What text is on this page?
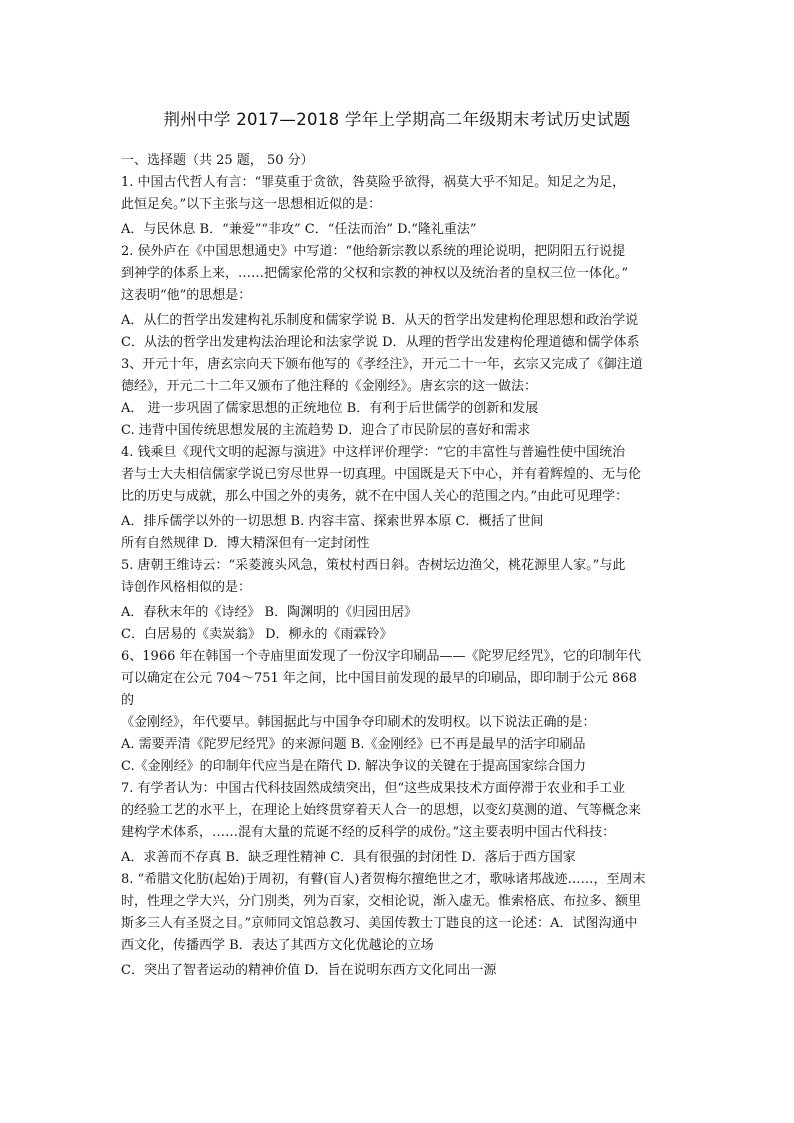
荆州中学 2017—2018 学年上学期高二年级期末考试历史试题
一、选择题（共 25 题， 50 分）
1. 中国古代哲人有言：“罪莫重于贪欲，咎莫险乎欲得，祸莫大乎不知足。知足之为足，
此恒足矣。”以下主张与这一思想相近似的是：
A．与民休息 B．“兼爱”“非攻” C．“任法而治” D.“隆礼重法”
2. 侯外庐在《中国思想通史》中写道：“他给新宗教以系统的理论说明，把阴阳五行说提
到神学的体系上来，……把儒家伦常的父权和宗教的神权以及统治者的皇权三位一体化。”
这表明“他”的思想是：
A．从仁的哲学出发建构礼乐制度和儒家学说 B．从天的哲学出发建构伦理思想和政治学说
C．从法的哲学出发建构法治理论和法家学说 D．从理的哲学出发建构伦理道德和儒学体系
3、开元十年，唐玄宗向天下颁布他写的《孝经注》，开元二十一年，玄宗又完成了《御注道
德经》，开元二十二年又颁布了他注释的《金刚经》。唐玄宗的这一做法：
A． 进一步巩固了儒家思想的正统地位 B．有利于后世儒学的创新和发展
C. 违背中国传统思想发展的主流趋势 D．迎合了市民阶层的喜好和需求
4. 钱乘旦《现代文明的起源与演进》中这样评价理学：“它的丰富性与普遍性使中国统治
者与士大夫相信儒家学说已穷尽世界一切真理。中国既是天下中心，并有着辉煌的、无与伦
比的历史与成就，那么中国之外的夷务，就不在中国人关心的范围之内。”由此可见理学：
A．排斥儒学以外的一切思想 B. 内容丰富、探索世界本原 C．概括了世间
所有自然规律 D．博大精深但有一定封闭性
5. 唐朝王维诗云：“采菱渡头风急，策杖村西日斜。杏树坛边渔父，桃花源里人家。”与此
诗创作风格相似的是：
A．春秋末年的《诗经》 B．陶渊明的《归园田居》
C．白居易的《卖炭翁》 D．柳永的《雨霖铃》
6、1966 年在韩国一个寺庙里面发现了一份汉字印刷品——《陀罗尼经咒》，它的印制年代
可以确定在公元 704～751 年之间，比中国目前发现的最早的印刷品，即印制于公元 868
的
《金刚经》，年代要早。韩国据此与中国争夺印刷术的发明权。以下说法正确的是：
A. 需要弄清《陀罗尼经咒》的来源问题 B.《金刚经》已不再是最早的活字印刷品
C.《金刚经》的印制年代应当是在隋代 D. 解决争议的关键在于提高国家综合国力
7. 有学者认为：中国古代科技固然成绩突出，但“这些成果技术方面停滞于农业和手工业
的经验工艺的水平上，在理论上始终贯穿着天人合一的思想，以变幻莫测的道、气等概念来
建构学术体系，……混有大量的荒诞不经的反科学的成份。”这主要表明中国古代科技：
A．求善而不存真 B．缺乏理性精神 C．具有很强的封闭性 D．落后于西方国家
8. “希腊文化肪(起始)于周初，有瞽(盲人)者贺梅尔擅绝世之才，歌咏诸邦战迹……，至周末
时，性理之学大兴，分门別类，列为百家，交相论说，渐入虚无。惟索格底、布拉多、额里
斯多三人有圣贤之目。”京师同文馆总教习、美国传教士丁韪良的这一论述：A．试图沟通中
西文化，传播西学 B．表达了其西方文化优越论的立场
C．突出了智者运动的精神价值 D．旨在说明东西方文化同出一源
